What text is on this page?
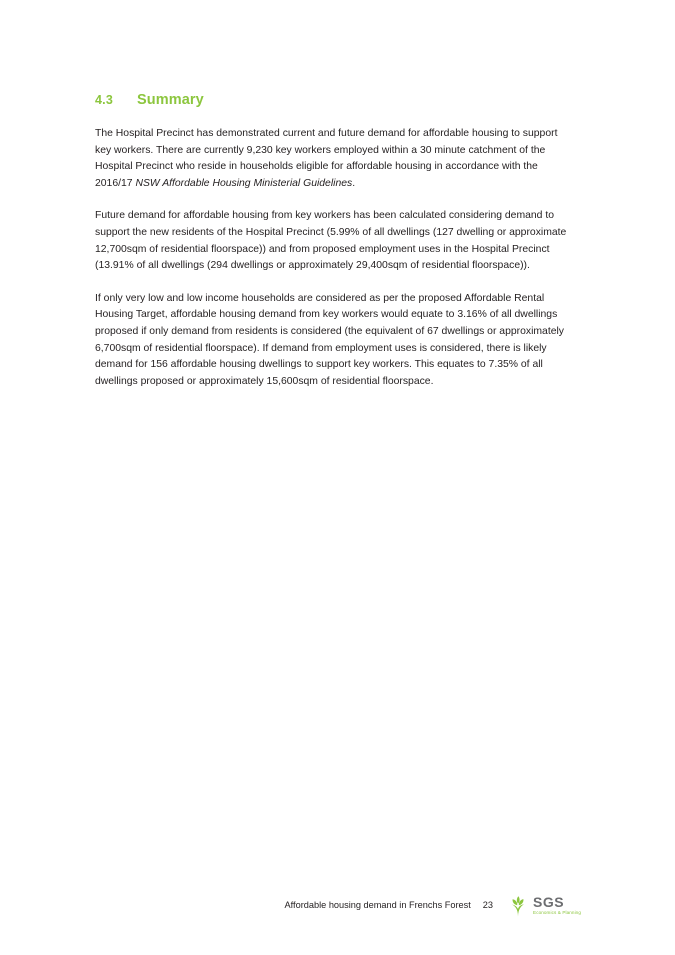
4.3	Summary

The Hospital Precinct has demonstrated current and future demand for affordable housing to support key workers. There are currently 9,230 key workers employed within a 30 minute catchment of the Hospital Precinct who reside in households eligible for affordable housing in accordance with the 2016/17 NSW Affordable Housing Ministerial Guidelines.

Future demand for affordable housing from key workers has been calculated considering demand to support the new residents of the Hospital Precinct (5.99% of all dwellings (127 dwelling or approximate 12,700sqm of residential floorspace)) and from proposed employment uses in the Hospital Precinct (13.91% of all dwellings (294 dwellings or approximately 29,400sqm of residential floorspace)).

If only very low and low income households are considered as per the proposed Affordable Rental Housing Target, affordable housing demand from key workers would equate to 3.16% of all dwellings proposed if only demand from residents is considered (the equivalent of 67 dwellings or approximately 6,700sqm of residential floorspace). If demand from employment uses is considered, there is likely demand for 156 affordable housing dwellings to support key workers. This equates to 7.35% of all dwellings proposed or approximately 15,600sqm of residential floorspace.

Affordable housing demand in Frenchs Forest 23	SGS
Economics & Planning
